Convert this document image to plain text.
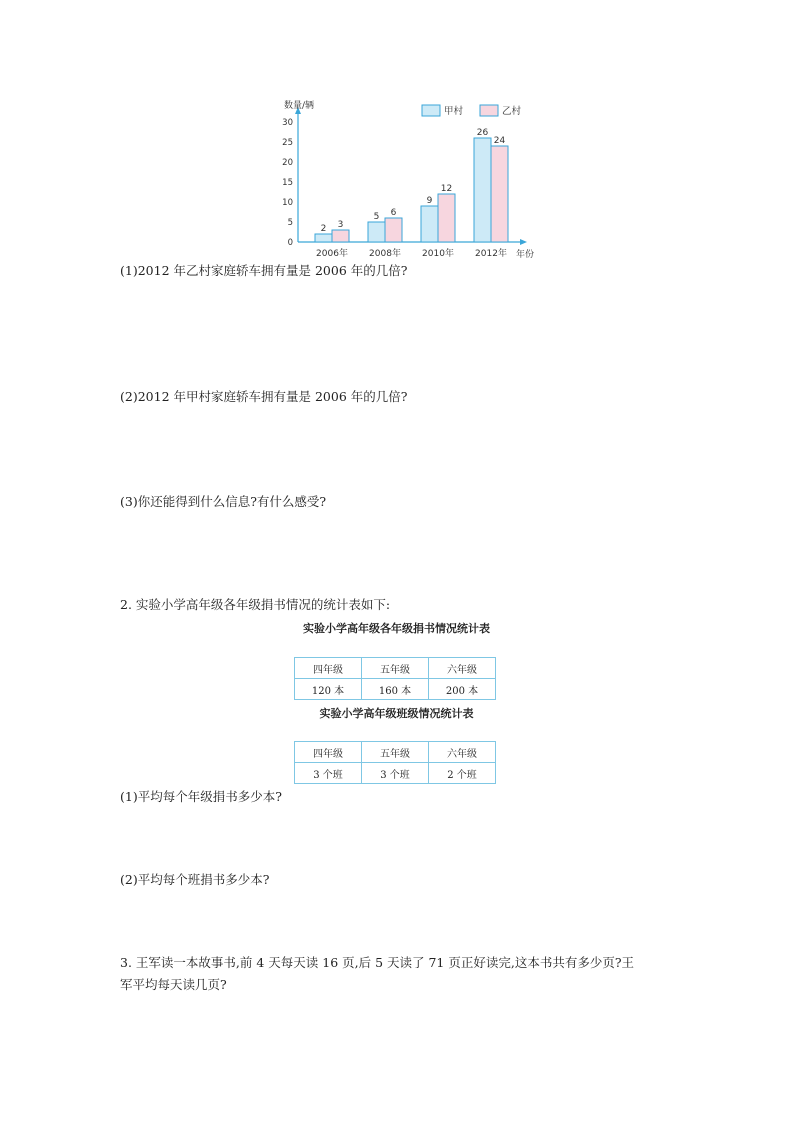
数量/辆
年份
0
5
10
15
20
25
30
2 3
5 6
9
12
26
24
2006年 2008年 2010年 2012年
甲村	乙村
(1)2012 年乙村家庭轿车拥有量是 2006 年的几倍?
(2)2012 年甲村家庭轿车拥有量是 2006 年的几倍?
(3)你还能得到什么信息?有什么感受?
2. 实验小学高年级各年级捐书情况的统计表如下:
实验小学高年级各年级捐书情况统计表
四年级	五年级	六年级
120 本	160 本	200 本
实验小学高年级班级情况统计表
四年级	五年级	六年级
3 个班	3 个班	2 个班
(1)平均每个年级捐书多少本?
(2)平均每个班捐书多少本?
3. 王军读一本故事书,前 4 天每天读 16 页,后 5 天读了 71 页正好读完,这本书共有多少页?王
军平均每天读几页?
